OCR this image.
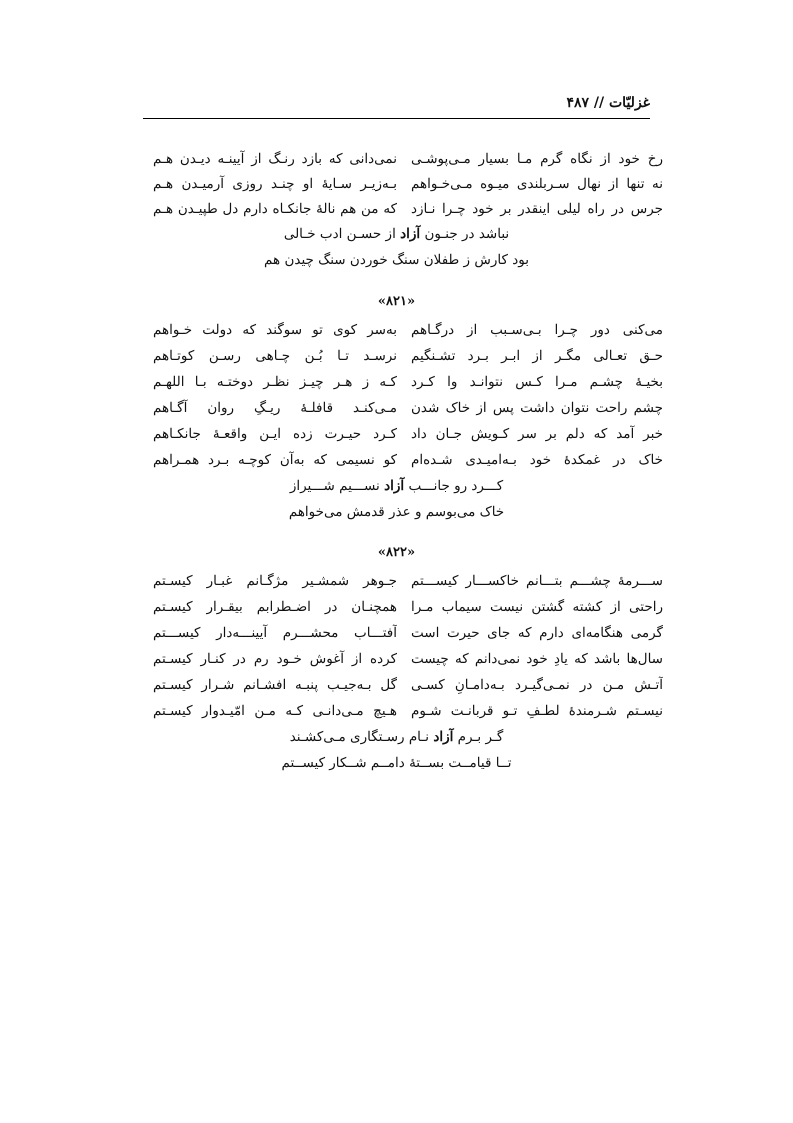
غزلیّات // ۴۸۷
رخ خود از نگاه گرم مـا بسیار مـی‌پوشـی
نمی‌دانی که بازد رنـگ از آیینـه دیـدن هـم
نه تنها از نهال سـربلندی میـوه مـی‌خـواهم
بـه‌زیـر سـایهٔ او چنـد روزی آرمیـدن هـم
جرس در راه لیلی اینقدر بر خود چـرا نـازد
که من هم نالهٔ جانکـاه دارم دل طپیـدن هـم
نباشد در جنـون آزاد از حسـن ادب خـالی
بود کارش ز طفلان سنگ خوردن سنگ چیدن هم
«۸۲۱»
می‌کنی دور چـرا بـی‌سـبب از درگـاهم
به‌سر کوی تو سوگند که دولت خـواهم
حـق تعـالی مگـر از ابـر بـرد تشـنگیم
نرسـد تـا بُـن چـاهی رسـن کوتـاهم
بخیـهٔ چشـم مـرا کـس نتوانـد وا کـرد
کـه ز هـر چیـز نظـر دوختـه بـا اللهـم
چشم راحت نتوان داشت پس از خاک شدن
مـی‌کنـد قافلـهٔ ریـگِ روان آگـاهم
خبر آمد که دلم بر سر کـویش جـان داد
کـرد حیـرت زده ایـن واقعـهٔ جانکـاهم
خاک در غمکدهٔ خود بـه‌امیـدی شـده‌ام
کو نسیمی که به‌آن کوچـه بـرد همـراهم
کـــرد رو جانـــب آزاد نســـیم شـــیراز
خاک می‌بوسم و عذر قدمش می‌خواهم
«۸۲۲»
ســـرمهٔ چشـــم بتـــانم خاکســـار کیســـتم
جـوهر شمشـیر مژگـانم غبـار کیسـتم
راحتی از کشته گشتن نیست سیماب مـرا
همچنـان در اضـطرابم بیقـرار کیسـتم
گرمی هنگامه‌ای دارم که جای حیرت است
آفتـــاب محشـــرم آیینـــه‌دار کیســـتم
سال‌ها باشد که یادِ خود نمی‌دانم که چیست
کرده از آغوش خـود رم در کنـار کیسـتم
آتـش مـن در نمـی‌گیـرد بـه‌دامـانِ کسـی
گل بـه‌جیـب پنبـه افشـانم شـرار کیسـتم
نیسـتم شـرمندهٔ لطـفِ تـو قربانـت شـوم
هـیچ مـی‌دانـی کـه مـن امّیـدوار کیسـتم
گـر بـرم آزاد نـام رسـتگاری مـی‌کشـند
تــا قیامــت بســتهٔ دامــم شــکار کیســتم
